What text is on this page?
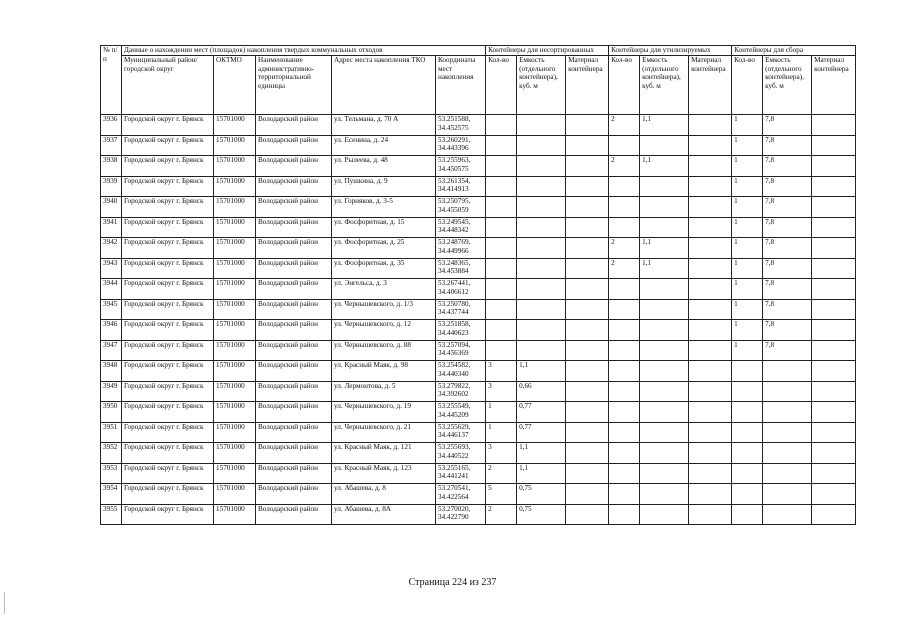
№ п/п	Данные о нахождении мест (площадок) накопления твердых коммунальных отходов					Контейнеры для несортированных			Контейнеры для утилизируемых			Контейнеры для сбора		
	Муниципальный район/городской округ	ОКТМО	Наименование административно-территориальной единицы	Адрес места накопления ТКО	Координаты мест накопления	Кол-во	Емкость (отдельного контейнера), куб. м	Материал контейнера	Кол-во	Емкость (отдельного контейнера), куб. м	Материал контейнера	Кол-во	Емкость (отдельного контейнера), куб. м	Материал контейнера
3936	Городской округ г. Брянск	15701000	Володарский район	ул. Тельмана, д. 70 А	53.251588, 34.452575				2	1,1		1	7,8	
3937	Городской округ г. Брянск	15701000	Володарский район	ул. Есенина, д. 24	53.260291, 34.443396							1	7,8	
3938	Городской округ г. Брянск	15701000	Володарский район	ул. Рылеева, д. 48	53.255963, 34.450575				2	1,1		1	7,8	
3939	Городской округ г. Брянск	15701000	Володарский район	ул. Пушкина, д. 9	53.261354, 34.414913							1	7,8	
3940	Городской округ г. Брянск	15701000	Володарский район	ул. Горняков, д. 3-5	53.250795, 34.455059							1	7,8	
3941	Городской округ г. Брянск	15701000	Володарский район	ул. Фосфоритная, д. 15	53.249545, 34.448342							1	7,8	
3942	Городской округ г. Брянск	15701000	Володарский район	ул. Фосфоритная, д. 25	53.248769, 34.449966				2	1,1		1	7,8	
3943	Городской округ г. Брянск	15701000	Володарский район	ул. Фосфоритная, д. 35	53.248365, 34.453884				2	1,1		1	7,8	
3944	Городской округ г. Брянск	15701000	Володарский район	ул. Энгельса, д. 3	53.267441, 34.406612							1	7,8	
3945	Городской округ г. Брянск	15701000	Володарский район	ул. Чернышевского, д. 1/3	53.250780, 34.437744							1	7,8	
3946	Городской округ г. Брянск	15701000	Володарский район	ул. Чернышевского, д. 12	53.251858, 34.440623							1	7,8	
3947	Городской округ г. Брянск	15701000	Володарский район	ул. Чернышевского, д. 88	53.257094, 34.456369							1	7,8	
3948	Городской округ г. Брянск	15701000	Володарский район	ул. Красный Маяк, д. 98	53.254582, 34.440340	3	1,1							
3949	Городской округ г. Брянск	15701000	Володарский район	ул. Лермонтова, д. 5	53.279822, 34.392602	3	0,66							
3950	Городской округ г. Брянск	15701000	Володарский район	ул. Чернышевского, д. 19	53.255549, 34.445209	1	0,77							
3951	Городской округ г. Брянск	15701000	Володарский район	ул. Чернышевского, д. 21	53.255629, 34.446137	1	0,77							
3952	Городской округ г. Брянск	15701000	Володарский район	ул. Красный Маяк, д. 121	53.255693, 34.440522	3	1,1							
3953	Городской округ г. Брянск	15701000	Володарский район	ул. Красный Маяк, д. 123	53.255165, 34.441241	2	1,1							
3954	Городской округ г. Брянск	15701000	Володарский район	ул. Абашева, д. 8	53.270541, 34.422564	5	0,75							
3955	Городской округ г. Брянск	15701000	Володарский район	ул. Абашева, д. 8А	53.270020, 34.422790	2	0,75							
Страница 224 из 237
